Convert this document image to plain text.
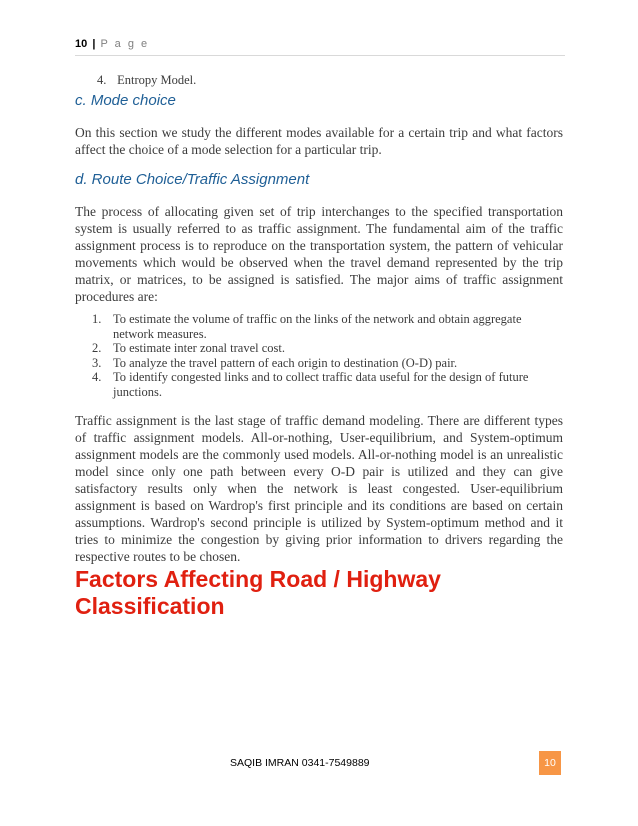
10 | P a g e
4. Entropy Model.
c. Mode choice
On this section we study the different modes available for a certain trip and what factors affect the choice of a mode selection for a particular trip.
d. Route Choice/Traffic Assignment
The process of allocating given set of trip interchanges to the specified transportation system is usually referred to as traffic assignment. The fundamental aim of the traffic assignment process is to reproduce on the transportation system, the pattern of vehicular movements which would be observed when the travel demand represented by the trip matrix, or matrices, to be assigned is satisfied. The major aims of traffic assignment procedures are:
1. To estimate the volume of traffic on the links of the network and obtain aggregate network measures.
2. To estimate inter zonal travel cost.
3. To analyze the travel pattern of each origin to destination (O-D) pair.
4. To identify congested links and to collect traffic data useful for the design of future junctions.
Traffic assignment is the last stage of traffic demand modeling. There are different types of traffic assignment models. All-or-nothing, User-equilibrium, and System-optimum assignment models are the commonly used models. All-or-nothing model is an unrealistic model since only one path between every O-D pair is utilized and they can give satisfactory results only when the network is least congested. User-equilibrium assignment is based on Wardrop's first principle and its conditions are based on certain assumptions. Wardrop's second principle is utilized by System-optimum method and it tries to minimize the congestion by giving prior information to drivers regarding the respective routes to be chosen.
Factors Affecting Road / Highway Classification
SAQIB IMRAN 0341-7549889	10
